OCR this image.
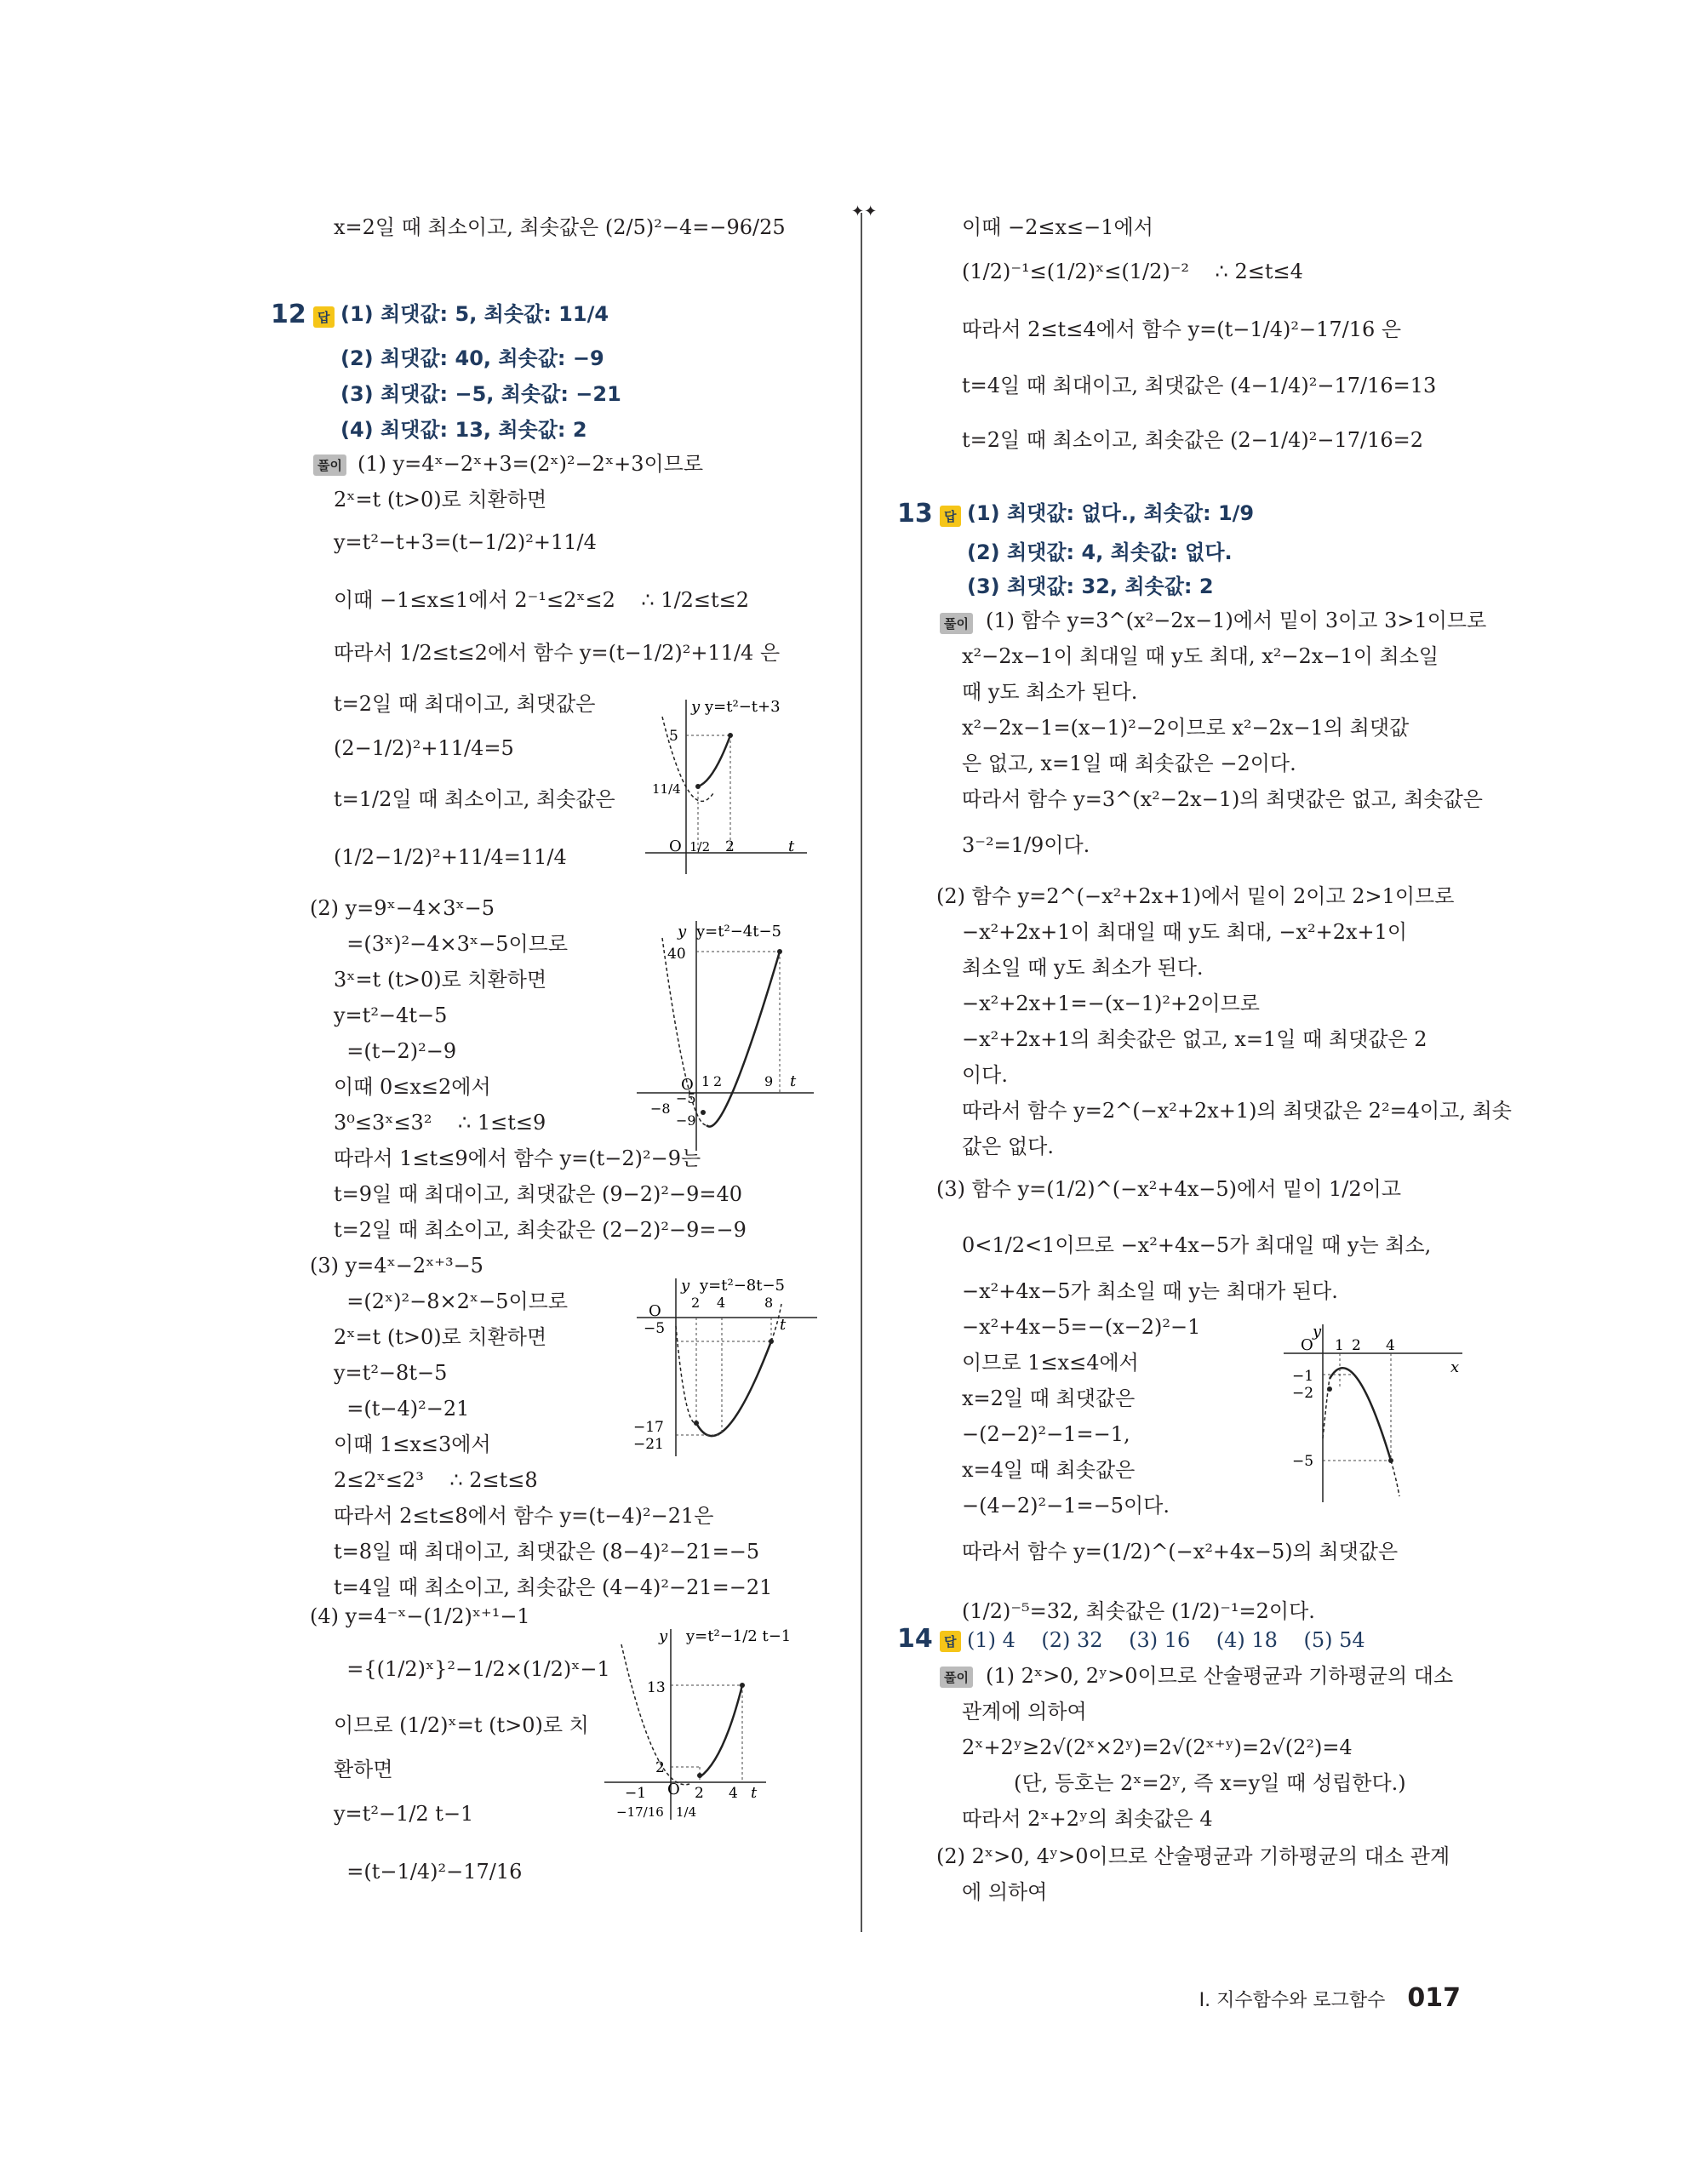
✦✦
x=2일 때 최소이고, 최솟값은 (2/5)²−4=−96/25
12 답 (1) 최댓값: 5, 최솟값: 11/4
(2) 최댓값: 40, 최솟값: −9
(3) 최댓값: −5, 최솟값: −21
(4) 최댓값: 13, 최솟값: 2
풀이 (1) y=4ˣ−2ˣ+3=(2ˣ)²−2ˣ+3이므로
2ˣ=t (t>0)로 치환하면
y=t²−t+3=(t−1/2)²+11/4
이때 −1≤x≤1에서 2⁻¹≤2ˣ≤2    ∴ 1/2≤t≤2
따라서 1/2≤t≤2에서 함수 y=(t−1/2)²+11/4 은
t=2일 때 최대이고, 최댓값은
(2−1/2)²+11/4=5
t=1/2일 때 최소이고, 최솟값은
(1/2−1/2)²+11/4=11/4
y y=t²−t+3
5
11/4
O 1/2 2	t
(2) y=9ˣ−4×3ˣ−5
=(3ˣ)²−4×3ˣ−5이므로
3ˣ=t (t>0)로 치환하면
y=t²−4t−5
=(t−2)²−9
이때 0≤x≤2에서
3⁰≤3ˣ≤3²    ∴ 1≤t≤9
따라서 1≤t≤9에서 함수 y=(t−2)²−9는
t=9일 때 최대이고, 최댓값은 (9−2)²−9=40
t=2일 때 최소이고, 최솟값은 (2−2)²−9=−9
y y=t²−4t−5
40
−5
−8
−9
O 1 2	9 t
(3) y=4ˣ−2ˣ⁺³−5
=(2ˣ)²−8×2ˣ−5이므로
2ˣ=t (t>0)로 치환하면
y=t²−8t−5
=(t−4)²−21
이때 1≤x≤3에서
2≤2ˣ≤2³    ∴ 2≤t≤8
따라서 2≤t≤8에서 함수 y=(t−4)²−21은
t=8일 때 최대이고, 최댓값은 (8−4)²−21=−5
t=4일 때 최소이고, 최솟값은 (4−4)²−21=−21
y y=t²−8t−5
−5
−17
−21
O 2 4	8
t
(4) y=4⁻ˣ−(1/2)ˣ⁺¹−1
={(1/2)ˣ}²−1/2×(1/2)ˣ−1
이므로 (1/2)ˣ=t (t>0)로 치
환하면
y=t²−1/2 t−1
=(t−1/4)²−17/16
y y=t²−1/2 t−1
13
2
−1
−17/16
O
1/4
2 4 t
이때 −2≤x≤−1에서
(1/2)⁻¹≤(1/2)ˣ≤(1/2)⁻²    ∴ 2≤t≤4
따라서 2≤t≤4에서 함수 y=(t−1/4)²−17/16 은
t=4일 때 최대이고, 최댓값은 (4−1/4)²−17/16=13
t=2일 때 최소이고, 최솟값은 (2−1/4)²−17/16=2
13 답 (1) 최댓값: 없다., 최솟값: 1/9
(2) 최댓값: 4, 최솟값: 없다.
(3) 최댓값: 32, 최솟값: 2
풀이 (1) 함수 y=3^(x²−2x−1)에서 밑이 3이고 3>1이므로
x²−2x−1이 최대일 때 y도 최대, x²−2x−1이 최소일
때 y도 최소가 된다.
x²−2x−1=(x−1)²−2이므로 x²−2x−1의 최댓값
은 없고, x=1일 때 최솟값은 −2이다.
따라서 함수 y=3^(x²−2x−1)의 최댓값은 없고, 최솟값은
3⁻²=1/9이다.
(2) 함수 y=2^(−x²+2x+1)에서 밑이 2이고 2>1이므로
−x²+2x+1이 최대일 때 y도 최대, −x²+2x+1이
최소일 때 y도 최소가 된다.
−x²+2x+1=−(x−1)²+2이므로
−x²+2x+1의 최솟값은 없고, x=1일 때 최댓값은 2
이다.
따라서 함수 y=2^(−x²+2x+1)의 최댓값은 2²=4이고, 최솟
값은 없다.
(3) 함수 y=(1/2)^(−x²+4x−5)에서 밑이 1/2이고
0<1/2<1이므로 −x²+4x−5가 최대일 때 y는 최소,
−x²+4x−5가 최소일 때 y는 최대가 된다.
−x²+4x−5=−(x−2)²−1
이므로 1≤x≤4에서
x=2일 때 최댓값은
−(2−2)²−1=−1,
x=4일 때 최솟값은
−(4−2)²−1=−5이다.
따라서 함수 y=(1/2)^(−x²+4x−5)의 최댓값은
(1/2)⁻⁵=32, 최솟값은 (1/2)⁻¹=2이다.
y
−1
−2
−5
O 1 2 4
x
14 답 (1) 4    (2) 32    (3) 16    (4) 18    (5) 54
풀이 (1) 2ˣ>0, 2ʸ>0이므로 산술평균과 기하평균의 대소
관계에 의하여
2ˣ+2ʸ≥2√(2ˣ×2ʸ)=2√(2ˣ⁺ʸ)=2√(2²)=4
(단, 등호는 2ˣ=2ʸ, 즉 x=y일 때 성립한다.)
따라서 2ˣ+2ʸ의 최솟값은 4
(2) 2ˣ>0, 4ʸ>0이므로 산술평균과 기하평균의 대소 관계
에 의하여
I. 지수함수와 로그함수 017
